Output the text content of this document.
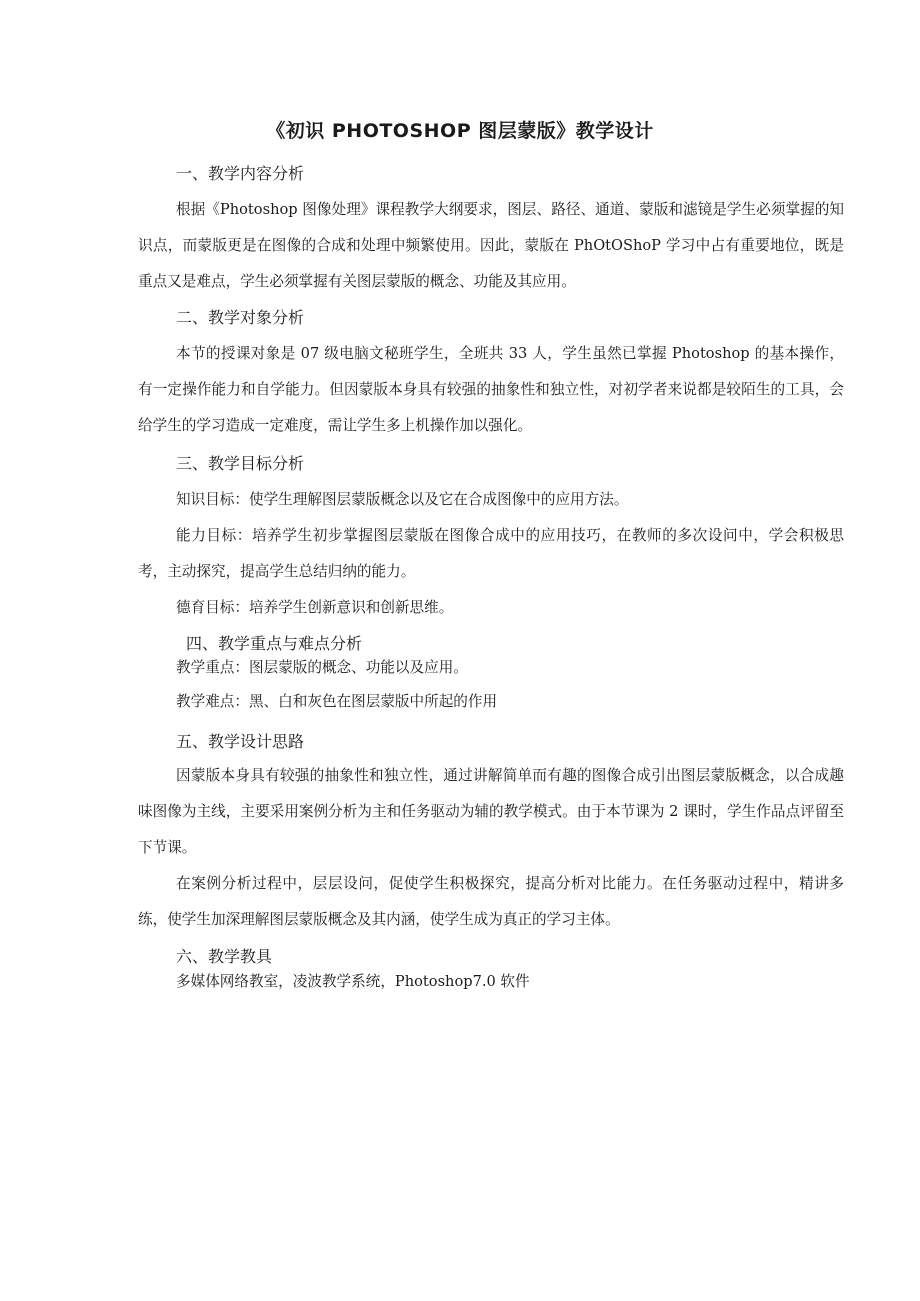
《初识 PHOTOSHOP 图层蒙版》教学设计
一、教学内容分析
根据《Photoshop 图像处理》课程教学大纲要求，图层、路径、通道、蒙版和滤镜是学生必须掌握的知识点，而蒙版更是在图像的合成和处理中频繁使用。因此，蒙版在 PhOtOShoP 学习中占有重要地位，既是重点又是难点，学生必须掌握有关图层蒙版的概念、功能及其应用。
二、教学对象分析
本节的授课对象是 07 级电脑文秘班学生，全班共 33 人，学生虽然已掌握 Photoshop 的基本操作，有一定操作能力和自学能力。但因蒙版本身具有较强的抽象性和独立性，对初学者来说都是较陌生的工具，会给学生的学习造成一定难度，需让学生多上机操作加以强化。
三、教学目标分析
知识目标：使学生理解图层蒙版概念以及它在合成图像中的应用方法。
能力目标：培养学生初步掌握图层蒙版在图像合成中的应用技巧，在教师的多次设问中，学会积极思考，主动探究，提高学生总结归纳的能力。
德育目标：培养学生创新意识和创新思维。
四、教学重点与难点分析
教学重点：图层蒙版的概念、功能以及应用。
教学难点：黑、白和灰色在图层蒙版中所起的作用
五、教学设计思路
因蒙版本身具有较强的抽象性和独立性，通过讲解简单而有趣的图像合成引出图层蒙版概念，以合成趣味图像为主线，主要采用案例分析为主和任务驱动为辅的教学模式。由于本节课为 2 课时，学生作品点评留至下节课。
在案例分析过程中，层层设问，促使学生积极探究，提高分析对比能力。在任务驱动过程中，精讲多练，使学生加深理解图层蒙版概念及其内涵，使学生成为真正的学习主体。
六、教学教具
多媒体网络教室，凌波教学系统，Photoshop7.0 软件
